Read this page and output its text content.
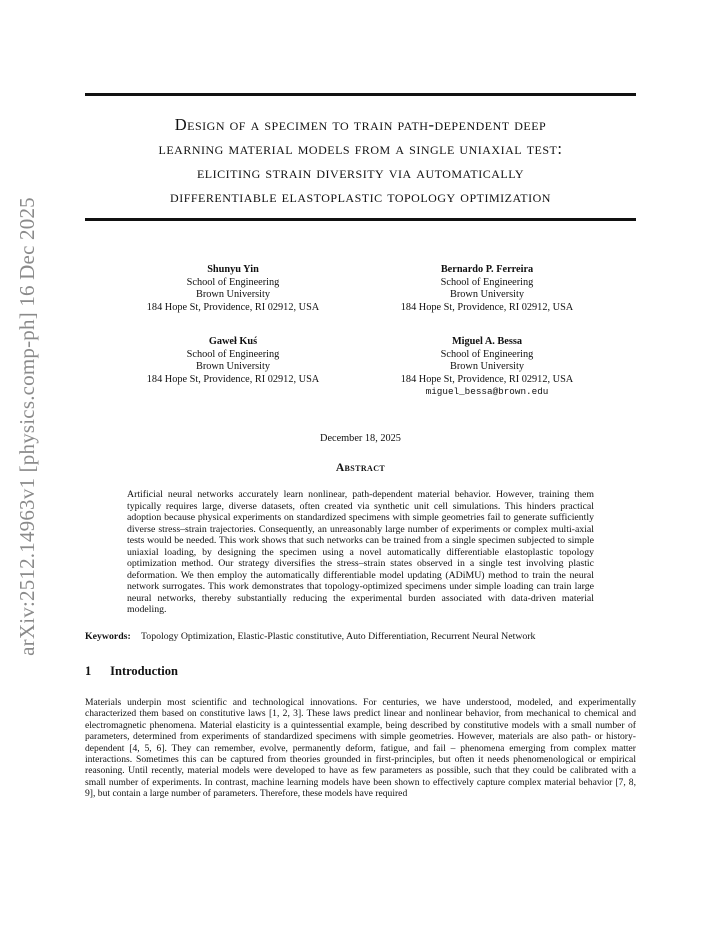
arXiv:2512.14963v1 [physics.comp-ph] 16 Dec 2025
Design of a specimen to train path-dependent deep
learning material models from a single uniaxial test:
eliciting strain diversity via automatically
differentiable elastoplastic topology optimization
Shunyu Yin
School of Engineering
Brown University
184 Hope St, Providence, RI 02912, USA
Bernardo P. Ferreira
School of Engineering
Brown University
184 Hope St, Providence, RI 02912, USA
Gaweł Kuś
School of Engineering
Brown University
184 Hope St, Providence, RI 02912, USA
Miguel A. Bessa
School of Engineering
Brown University
184 Hope St, Providence, RI 02912, USA
miguel_bessa@brown.edu
December 18, 2025
Abstract
Artificial neural networks accurately learn nonlinear, path-dependent material behavior. However, training them typically requires large, diverse datasets, often created via synthetic unit cell simulations. This hinders practical adoption because physical experiments on standardized specimens with simple geometries fail to generate sufficiently diverse stress–strain trajectories. Consequently, an unreasonably large number of experiments or complex multi-axial tests would be needed. This work shows that such networks can be trained from a single specimen subjected to simple uniaxial loading, by designing the specimen using a novel automatically differentiable elastoplastic topology optimization method. Our strategy diversifies the stress–strain states observed in a single test involving plastic deformation. We then employ the automatically differentiable model updating (ADiMU) method to train the neural network surrogates. This work demonstrates that topology-optimized specimens under simple loading can train large neural networks, thereby substantially reducing the experimental burden associated with data-driven material modeling.
Keywords: Topology Optimization, Elastic-Plastic constitutive, Auto Differentiation, Recurrent Neural Network
1 Introduction
Materials underpin most scientific and technological innovations. For centuries, we have understood, modeled, and experimentally characterized them based on constitutive laws [1, 2, 3]. These laws predict linear and nonlinear behavior, from mechanical to chemical and electromagnetic phenomena. Material elasticity is a quintessential example, being described by constitutive models with a small number of parameters, determined from experiments of standardized specimens with simple geometries. However, materials are also path- or history-dependent [4, 5, 6]. They can remember, evolve, permanently deform, fatigue, and fail – phenomena emerging from complex matter interactions. Sometimes this can be captured from theories grounded in first-principles, but often it needs phenomenological or empirical reasoning. Until recently, material models were developed to have as few parameters as possible, such that they could be calibrated with a small number of experiments. In contrast, machine learning models have been shown to effectively capture complex material behavior [7, 8, 9], but contain a large number of parameters. Therefore, these models have required
